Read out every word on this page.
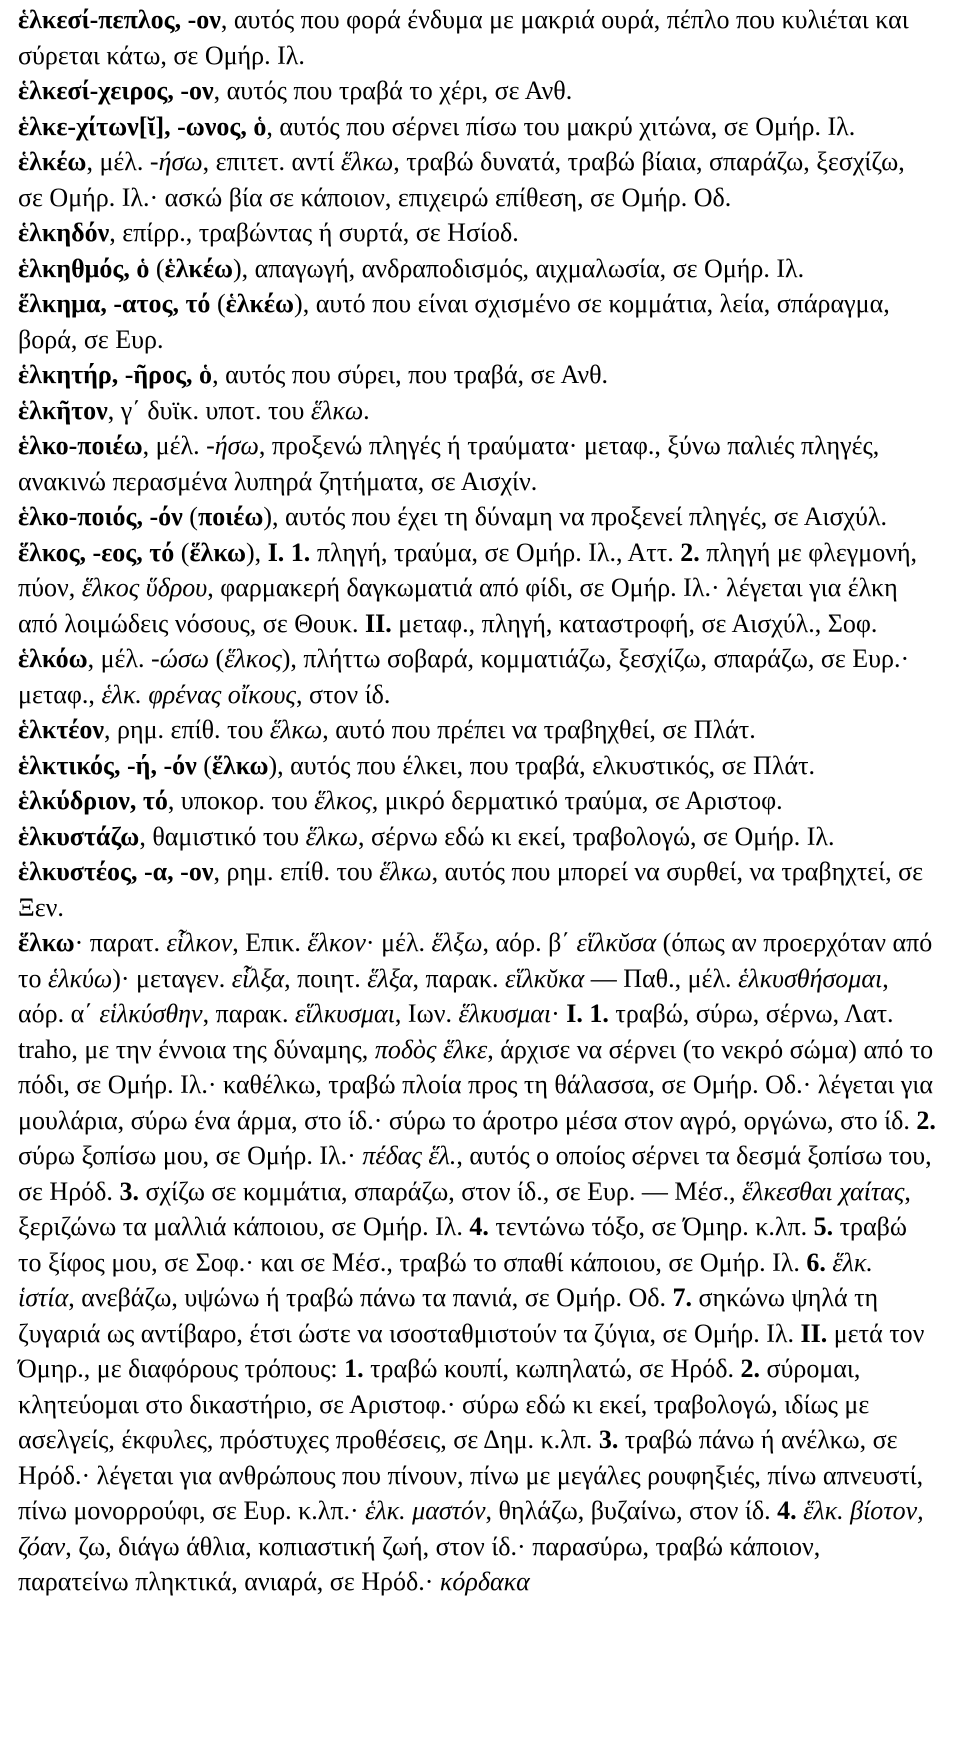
ἑλκεσί-πεπλος, -ον, αυτός που φορά ένδυμα με μακριά ουρά, πέπλο που κυλιέται και σύρεται κάτω, σε Ομήρ. Ιλ.

ἑλκεσί-χειρος, -ον, αυτός που τραβά το χέρι, σε Ανθ.

ἑλκε-χίτων[ῐ], -ωνος, ὁ, αυτός που σέρνει πίσω του μακρύ χιτώνα, σε Ομήρ. Ιλ.

ἑλκέω, μέλ. -ήσω, επιτετ. αντί ἕλκω, τραβώ δυνατά, τραβώ βίαια, σπαράζω, ξεσχίζω, σε Ομήρ. Ιλ.· ασκώ βία σε κάποιον, επιχειρώ επίθεση, σε Ομήρ. Οδ.

ἑλκηδόν, επίρρ., τραβώντας ή συρτά, σε Ησίοδ.

ἑλκηθμός, ὁ (ἑλκέω), απαγωγή, ανδραποδισμός, αιχμαλωσία, σε Ομήρ. Ιλ.

ἕλκημα, -ατος, τό (ἑλκέω), αυτό που είναι σχισμένο σε κομμάτια, λεία, σπάραγμα, βορά, σε Ευρ.

ἑλκητήρ, -ῆρος, ὁ, αυτός που σύρει, που τραβά, σε Ανθ.

ἑλκῆτον, γ΄ δυϊκ. υποτ. του ἕλκω.

ἑλκο-ποιέω, μέλ. -ήσω, προξενώ πληγές ή τραύματα· μεταφ., ξύνω παλιές πληγές, ανακινώ περασμένα λυπηρά ζητήματα, σε Αισχίν.

ἑλκο-ποιός, -όν (ποιέω), αυτός που έχει τη δύναμη να προξενεί πληγές, σε Αισχύλ.

ἕλκος, -εος, τό (ἕλκω), I. 1. πληγή, τραύμα, σε Ομήρ. Ιλ., Αττ. 2. πληγή με φλεγμονή, πύον, ἕλκος ὕδρου, φαρμακερή δαγκωματιά από φίδι, σε Ομήρ. Ιλ.· λέγεται για έλκη από λοιμώδεις νόσους, σε Θουκ. II. μεταφ., πληγή, καταστροφή, σε Αισχύλ., Σοφ.

ἑλκόω, μέλ. -ώσω (ἕλκος), πλήττω σοβαρά, κομματιάζω, ξεσχίζω, σπαράζω, σε Ευρ.· μεταφ., ἑλκ. φρένας οἴκους, στον ίδ.

ἑλκτέον, ρημ. επίθ. του ἕλκω, αυτό που πρέπει να τραβηχθεί, σε Πλάτ.

ἑλκτικός, -ή, -όν (ἕλκω), αυτός που έλκει, που τραβά, ελκυστικός, σε Πλάτ.

ἑλκύδριον, τό, υποκορ. του ἕλκος, μικρό δερματικό τραύμα, σε Αριστοφ.

ἑλκυστάζω, θαμιστικό του ἕλκω, σέρνω εδώ κι εκεί, τραβολογώ, σε Ομήρ. Ιλ.

ἑλκυστέος, -α, -ον, ρημ. επίθ. του ἕλκω, αυτός που μπορεί να συρθεί, να τραβηχτεί, σε Ξεν.

ἕλκω· παρατ. εἷλκον, Επικ. ἕλκον· μέλ. ἕλξω, αόρ. β΄ εἵλκῠσα (όπως αν προερχόταν από το ἑλκύω)· μεταγεν. εἷλξα, ποιητ. ἕλξα, παρακ. εἵλκῠκα — Παθ., μέλ. ἑλκυσθήσομαι, αόρ. α΄ εἱλκύσθην, παρακ. εἵλκυσμαι, Ιων. ἕλκυσμαι· I. 1. τραβώ, σύρω, σέρνω, Λατ. traho, με την έννοια της δύναμης, ποδὸς ἕλκε, άρχισε να σέρνει (το νεκρό σώμα) από το πόδι, σε Ομήρ. Ιλ.· καθέλκω, τραβώ πλοία προς τη θάλασσα, σε Ομήρ. Οδ.· λέγεται για μουλάρια, σύρω ένα άρμα, στο ίδ.· σύρω το άροτρο μέσα στον αγρό, οργώνω, στο ίδ. 2. σύρω ξοπίσω μου, σε Ομήρ. Ιλ.· πέδας ἕλ., αυτός ο οποίος σέρνει τα δεσμά ξοπίσω του, σε Ηρόδ. 3. σχίζω σε κομμάτια, σπαράζω, στον ίδ., σε Ευρ. — Μέσ., ἕλκεσθαι χαίτας, ξεριζώνω τα μαλλιά κάποιου, σε Ομήρ. Ιλ. 4. τεντώνω τόξο, σε Όμηρ. κ.λπ. 5. τραβώ το ξίφος μου, σε Σοφ.· και σε Μέσ., τραβώ το σπαθί κάποιου, σε Ομήρ. Ιλ. 6. ἕλκ. ἱστία, ανεβάζω, υψώνω ή τραβώ πάνω τα πανιά, σε Ομήρ. Οδ. 7. σηκώνω ψηλά τη ζυγαριά ως αντίβαρο, έτσι ώστε να ισοσταθμιστούν τα ζύγια, σε Ομήρ. Ιλ. II. μετά τον Όμηρ., με διαφόρους τρόπους: 1. τραβώ κουπί, κωπηλατώ, σε Ηρόδ. 2. σύρομαι, κλητεύομαι στο δικαστήριο, σε Αριστοφ.· σύρω εδώ κι εκεί, τραβολογώ, ιδίως με ασελγείς, έκφυλες, πρόστυχες προθέσεις, σε Δημ. κ.λπ. 3. τραβώ πάνω ή ανέλκω, σε Ηρόδ.· λέγεται για ανθρώπους που πίνουν, πίνω με μεγάλες ρουφηξιές, πίνω απνευστί, πίνω μονορρούφι, σε Ευρ. κ.λπ.· ἑλκ. μαστόν, θηλάζω, βυζαίνω, στον ίδ. 4. ἕλκ. βίοτον, ζόαν, ζω, διάγω άθλια, κοπιαστική ζωή, στον ίδ.· παρασύρω, τραβώ κάποιον, παρατείνω πληκτικά, ανιαρά, σε Ηρόδ.· κόρδακα
